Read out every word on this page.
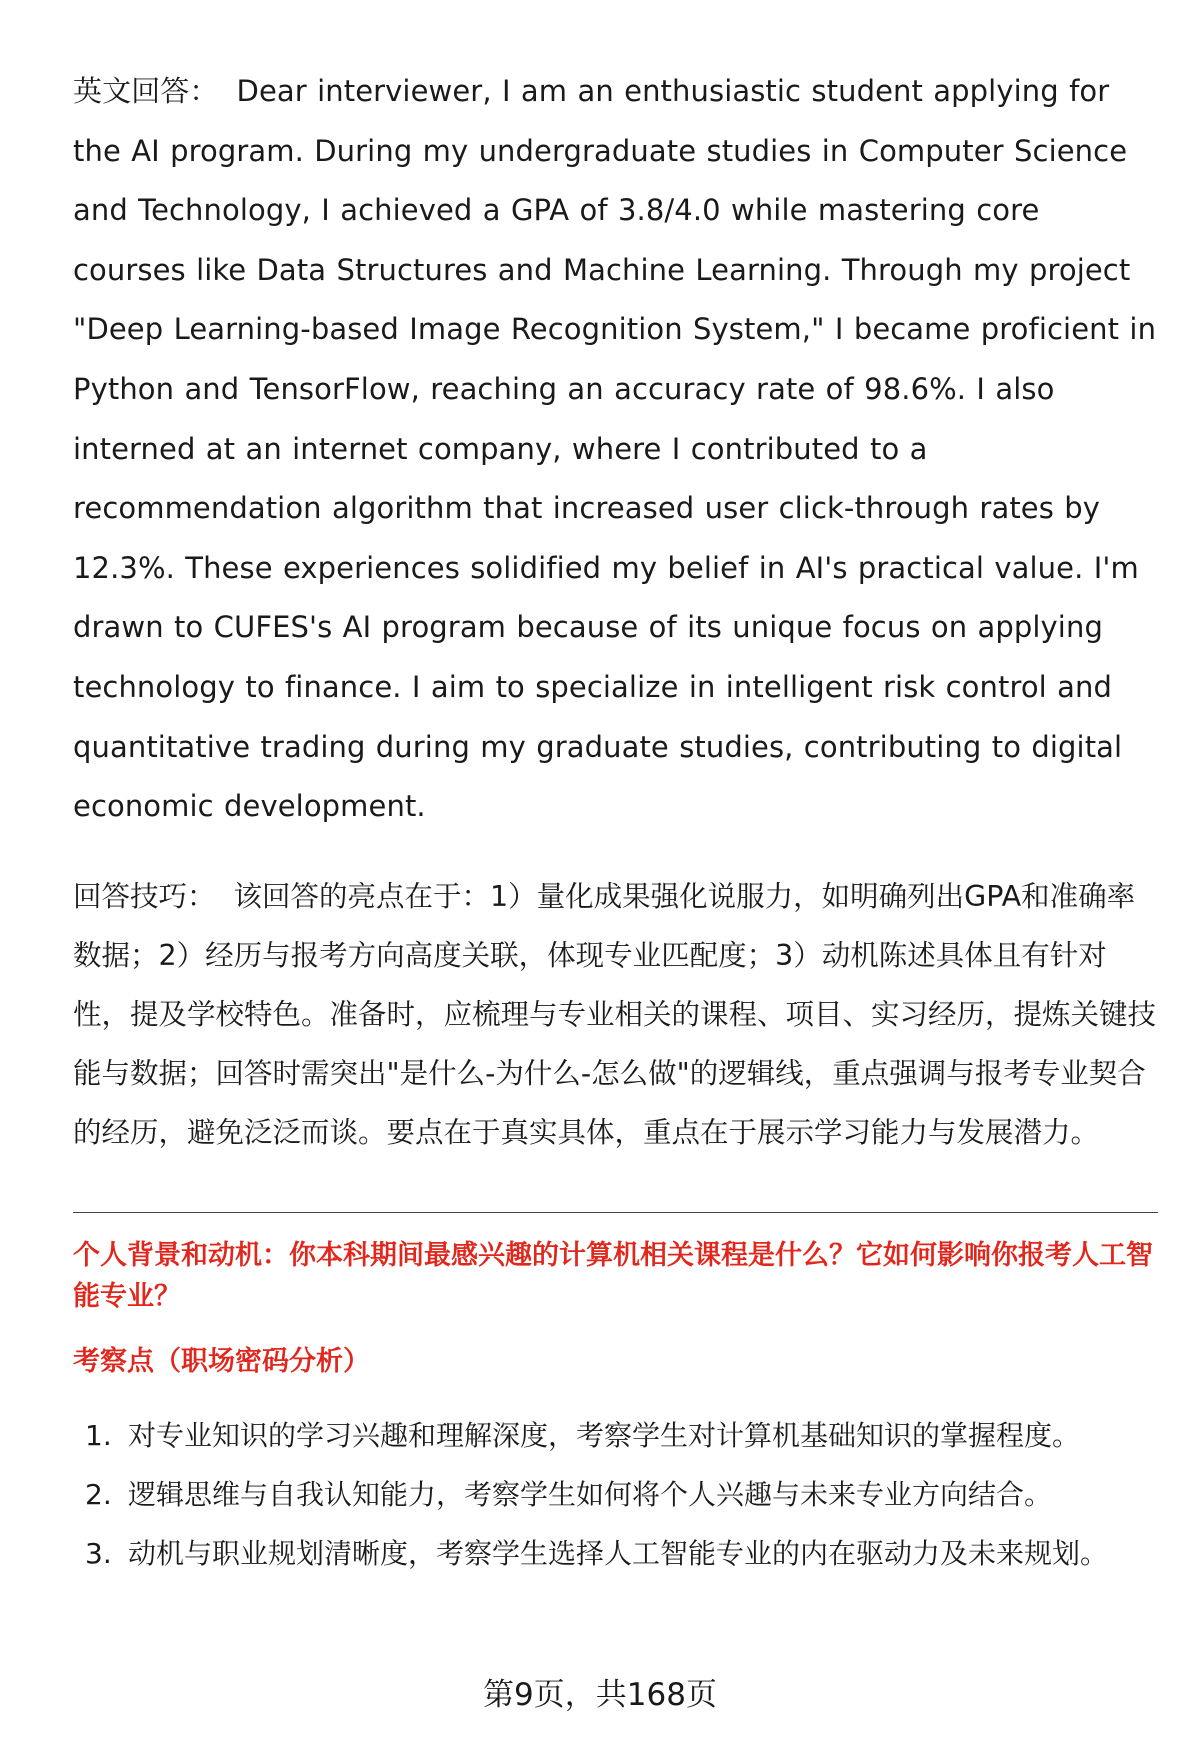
英文回答： Dear interviewer, I am an enthusiastic student applying for the AI program. During my undergraduate studies in Computer Science and Technology, I achieved a GPA of 3.8/4.0 while mastering core courses like Data Structures and Machine Learning. Through my project "Deep Learning-based Image Recognition System," I became proficient in Python and TensorFlow, reaching an accuracy rate of 98.6%. I also interned at an internet company, where I contributed to a recommendation algorithm that increased user click-through rates by 12.3%. These experiences solidified my belief in AI's practical value. I'm drawn to CUFES's AI program because of its unique focus on applying technology to finance. I aim to specialize in intelligent risk control and quantitative trading during my graduate studies, contributing to digital economic development.

回答技巧： 该回答的亮点在于：1）量化成果强化说服力，如明确列出GPA和准确率数据；2）经历与报考方向高度关联，体现专业匹配度；3）动机陈述具体且有针对性，提及学校特色。准备时，应梳理与专业相关的课程、项目、实习经历，提炼关键技能与数据；回答时需突出"是什么-为什么-怎么做"的逻辑线，重点强调与报考专业契合的经历，避免泛泛而谈。要点在于真实具体，重点在于展示学习能力与发展潜力。

个人背景和动机：你本科期间最感兴趣的计算机相关课程是什么？它如何影响你报考人工智能专业？

考察点（职场密码分析）

1. 对专业知识的学习兴趣和理解深度，考察学生对计算机基础知识的掌握程度。
2. 逻辑思维与自我认知能力，考察学生如何将个人兴趣与未来专业方向结合。
3. 动机与职业规划清晰度，考察学生选择人工智能专业的内在驱动力及未来规划。
第9页，共168页
